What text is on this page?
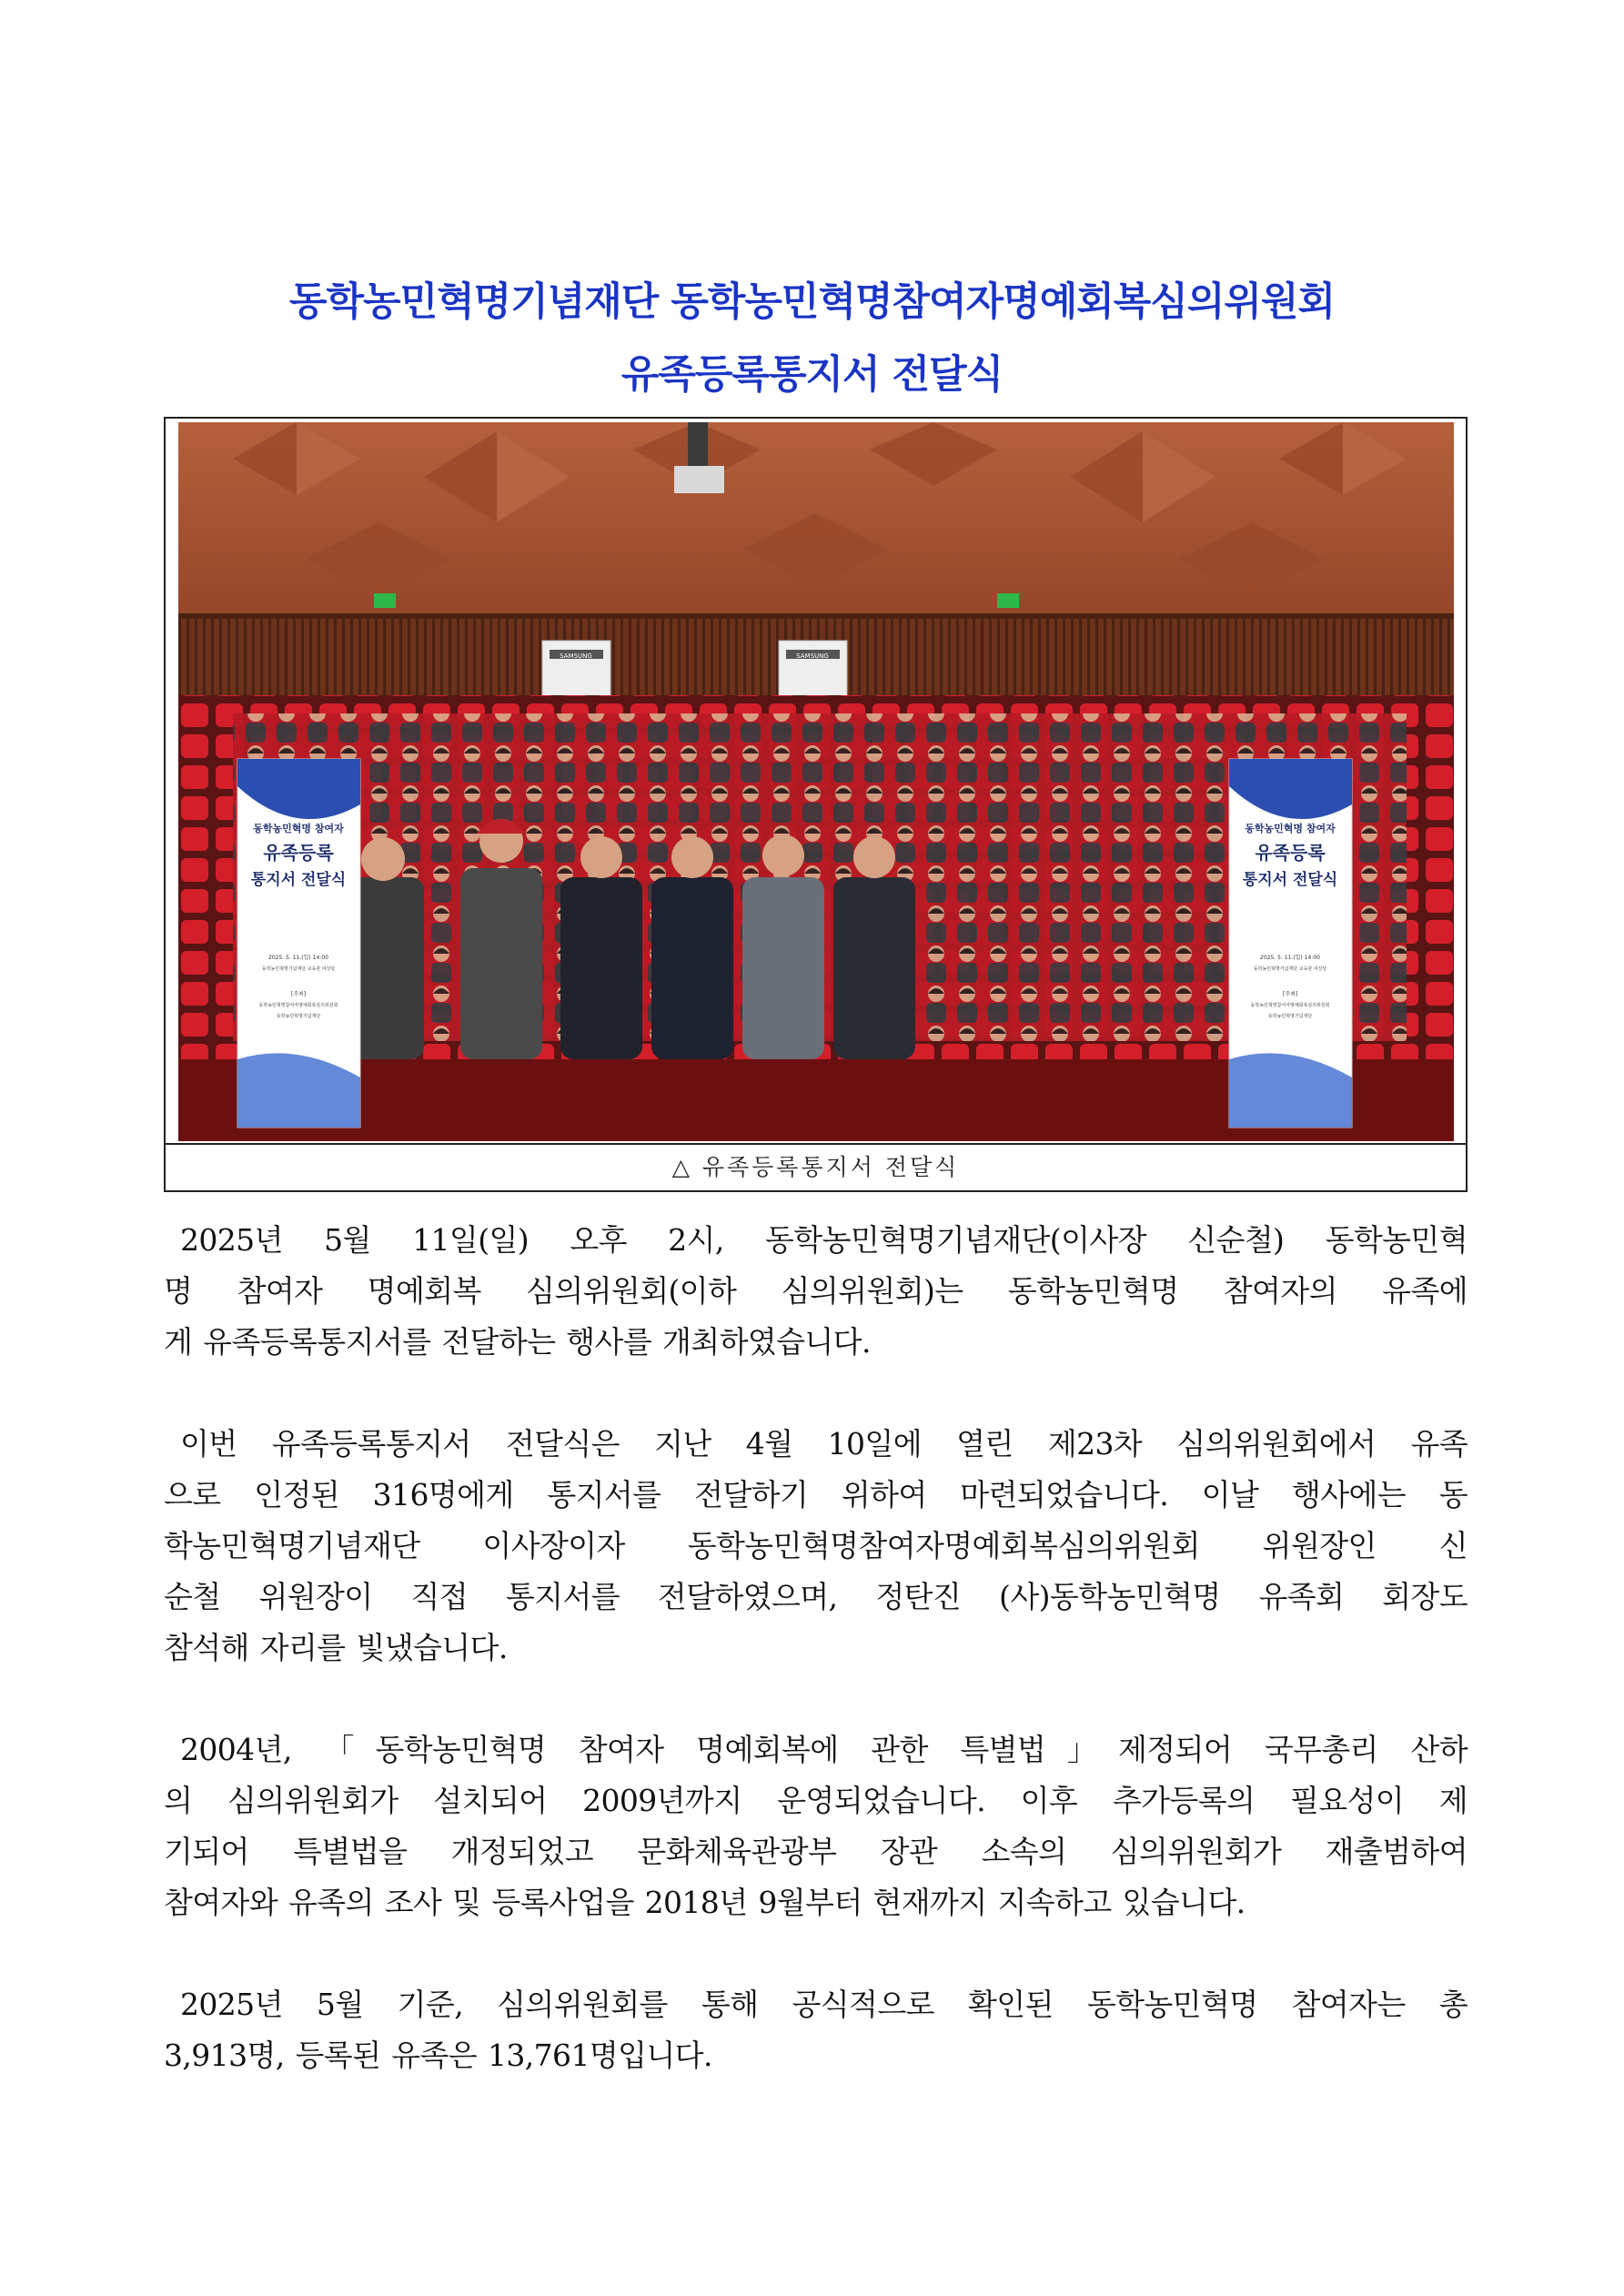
동학농민혁명기념재단 동학농민혁명참여자명예회복심의위원회
유족등록통지서 전달식
SAMSUNG	SAMSUNG
동학농민혁명 참여자
유족등록
통지서 전달식
2025. 5. 11.(일) 14:00
동학농민혁명기념재단 교육관 여강당
[주최]
동학농민혁명참여자명예회복심의위원회
동학농민혁명기념재단
동학농민혁명 참여자
유족등록
통지서 전달식
2025. 5. 11.(일) 14:00
동학농민혁명기념재단 교육관 여강당
[주최]
동학농민혁명참여자명예회복심의위원회
동학농민혁명기념재단
△ 유족등록통지서 전달식

2025년 5월 11일(일) 오후 2시, 동학농민혁명기념재단(이사장 신순철) 동학농민혁
명 참여자 명예회복 심의위원회(이하 심의위원회)는 동학농민혁명 참여자의 유족에
게 유족등록통지서를 전달하는 행사를 개최하였습니다.

이번 유족등록통지서 전달식은 지난 4월 10일에 열린 제23차 심의위원회에서 유족
으로 인정된 316명에게 통지서를 전달하기 위하여 마련되었습니다. 이날 행사에는 동
학농민혁명기념재단 이사장이자 동학농민혁명참여자명예회복심의위원회 위원장인 신
순철 위원장이 직접 통지서를 전달하였으며, 정탄진 (사)동학농민혁명 유족회 회장도
참석해 자리를 빛냈습니다.

2004년, 「동학농민혁명 참여자 명예회복에 관한 특별법」제정되어 국무총리 산하
의 심의위원회가 설치되어 2009년까지 운영되었습니다. 이후 추가등록의 필요성이 제
기되어 특별법을 개정되었고 문화체육관광부 장관 소속의 심의위원회가 재출범하여
참여자와 유족의 조사 및 등록사업을 2018년 9월부터 현재까지 지속하고 있습니다.

2025년 5월 기준, 심의위원회를 통해 공식적으로 확인된 동학농민혁명 참여자는 총
3,913명, 등록된 유족은 13,761명입니다.
